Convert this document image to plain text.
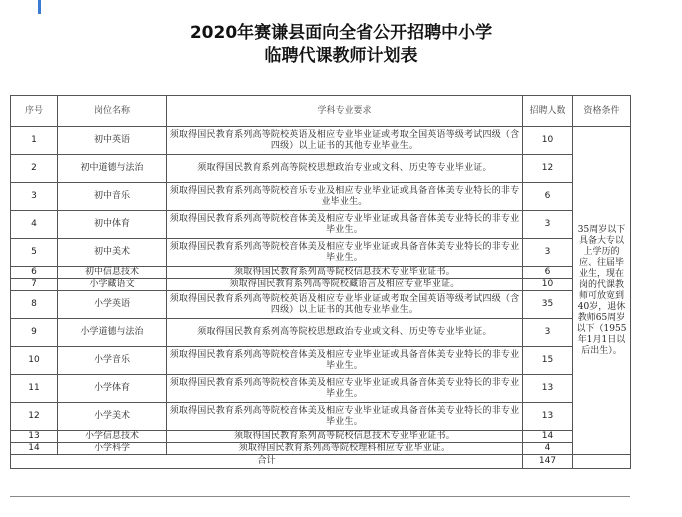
2020年赛谦县面向全省公开招聘中小学
临聘代课教师计划表
序号	岗位名称	学科专业要求	招聘人数	资格条件
1	初中英语	须取得国民教育系列高等院校英语及相应专业毕业证或考取全国英语等级考试四级（含四级）以上证书的其他专业毕业生。	10	35周岁以下具备大专以上学历的应、往届毕业生，现在岗的代课教师可放宽到40岁，退休教师65周岁以下（1955年1月1日以后出生）。
2	初中道德与法治	须取得国民教育系列高等院校思想政治专业或文科、历史等专业毕业证。	12	
3	初中音乐	须取得国民教育系列高等院校音乐专业及相应专业毕业证或具备音体美专业特长的非专业毕业生。	6	
4	初中体育	须取得国民教育系列高等院校音体美及相应专业毕业证或具备音体美专业特长的非专业毕业生。	3	
5	初中美术	须取得国民教育系列高等院校音体美及相应专业毕业证或具备音体美专业特长的非专业毕业生。	3	
6	初中信息技术	须取得国民教育系列高等院校信息技术专业毕业证书。	6	
7	小学藏语文	须取得国民教育系列高等院校藏语言及相应专业毕业证。	10	
8	小学英语	须取得国民教育系列高等院校英语及相应专业毕业证或考取全国英语等级考试四级（含四级）以上证书的其他专业毕业生。	35	
9	小学道德与法治	须取得国民教育系列高等院校思想政治专业或文科、历史等专业毕业证。	3	
10	小学音乐	须取得国民教育系列高等院校音体美及相应专业毕业证或具备音体美专业特长的非专业毕业生。	15	
11	小学体育	须取得国民教育系列高等院校音体美及相应专业毕业证或具备音体美专业特长的非专业毕业生。	13	
12	小学美术	须取得国民教育系列高等院校音体美及相应专业毕业证或具备音体美专业特长的非专业毕业生。	13	
13	小学信息技术	须取得国民教育系列高等院校信息技术专业毕业证书。	14	
14	小学科学	须取得国民教育系列高等院校理科相应专业毕业证。	4	
合计			147	
